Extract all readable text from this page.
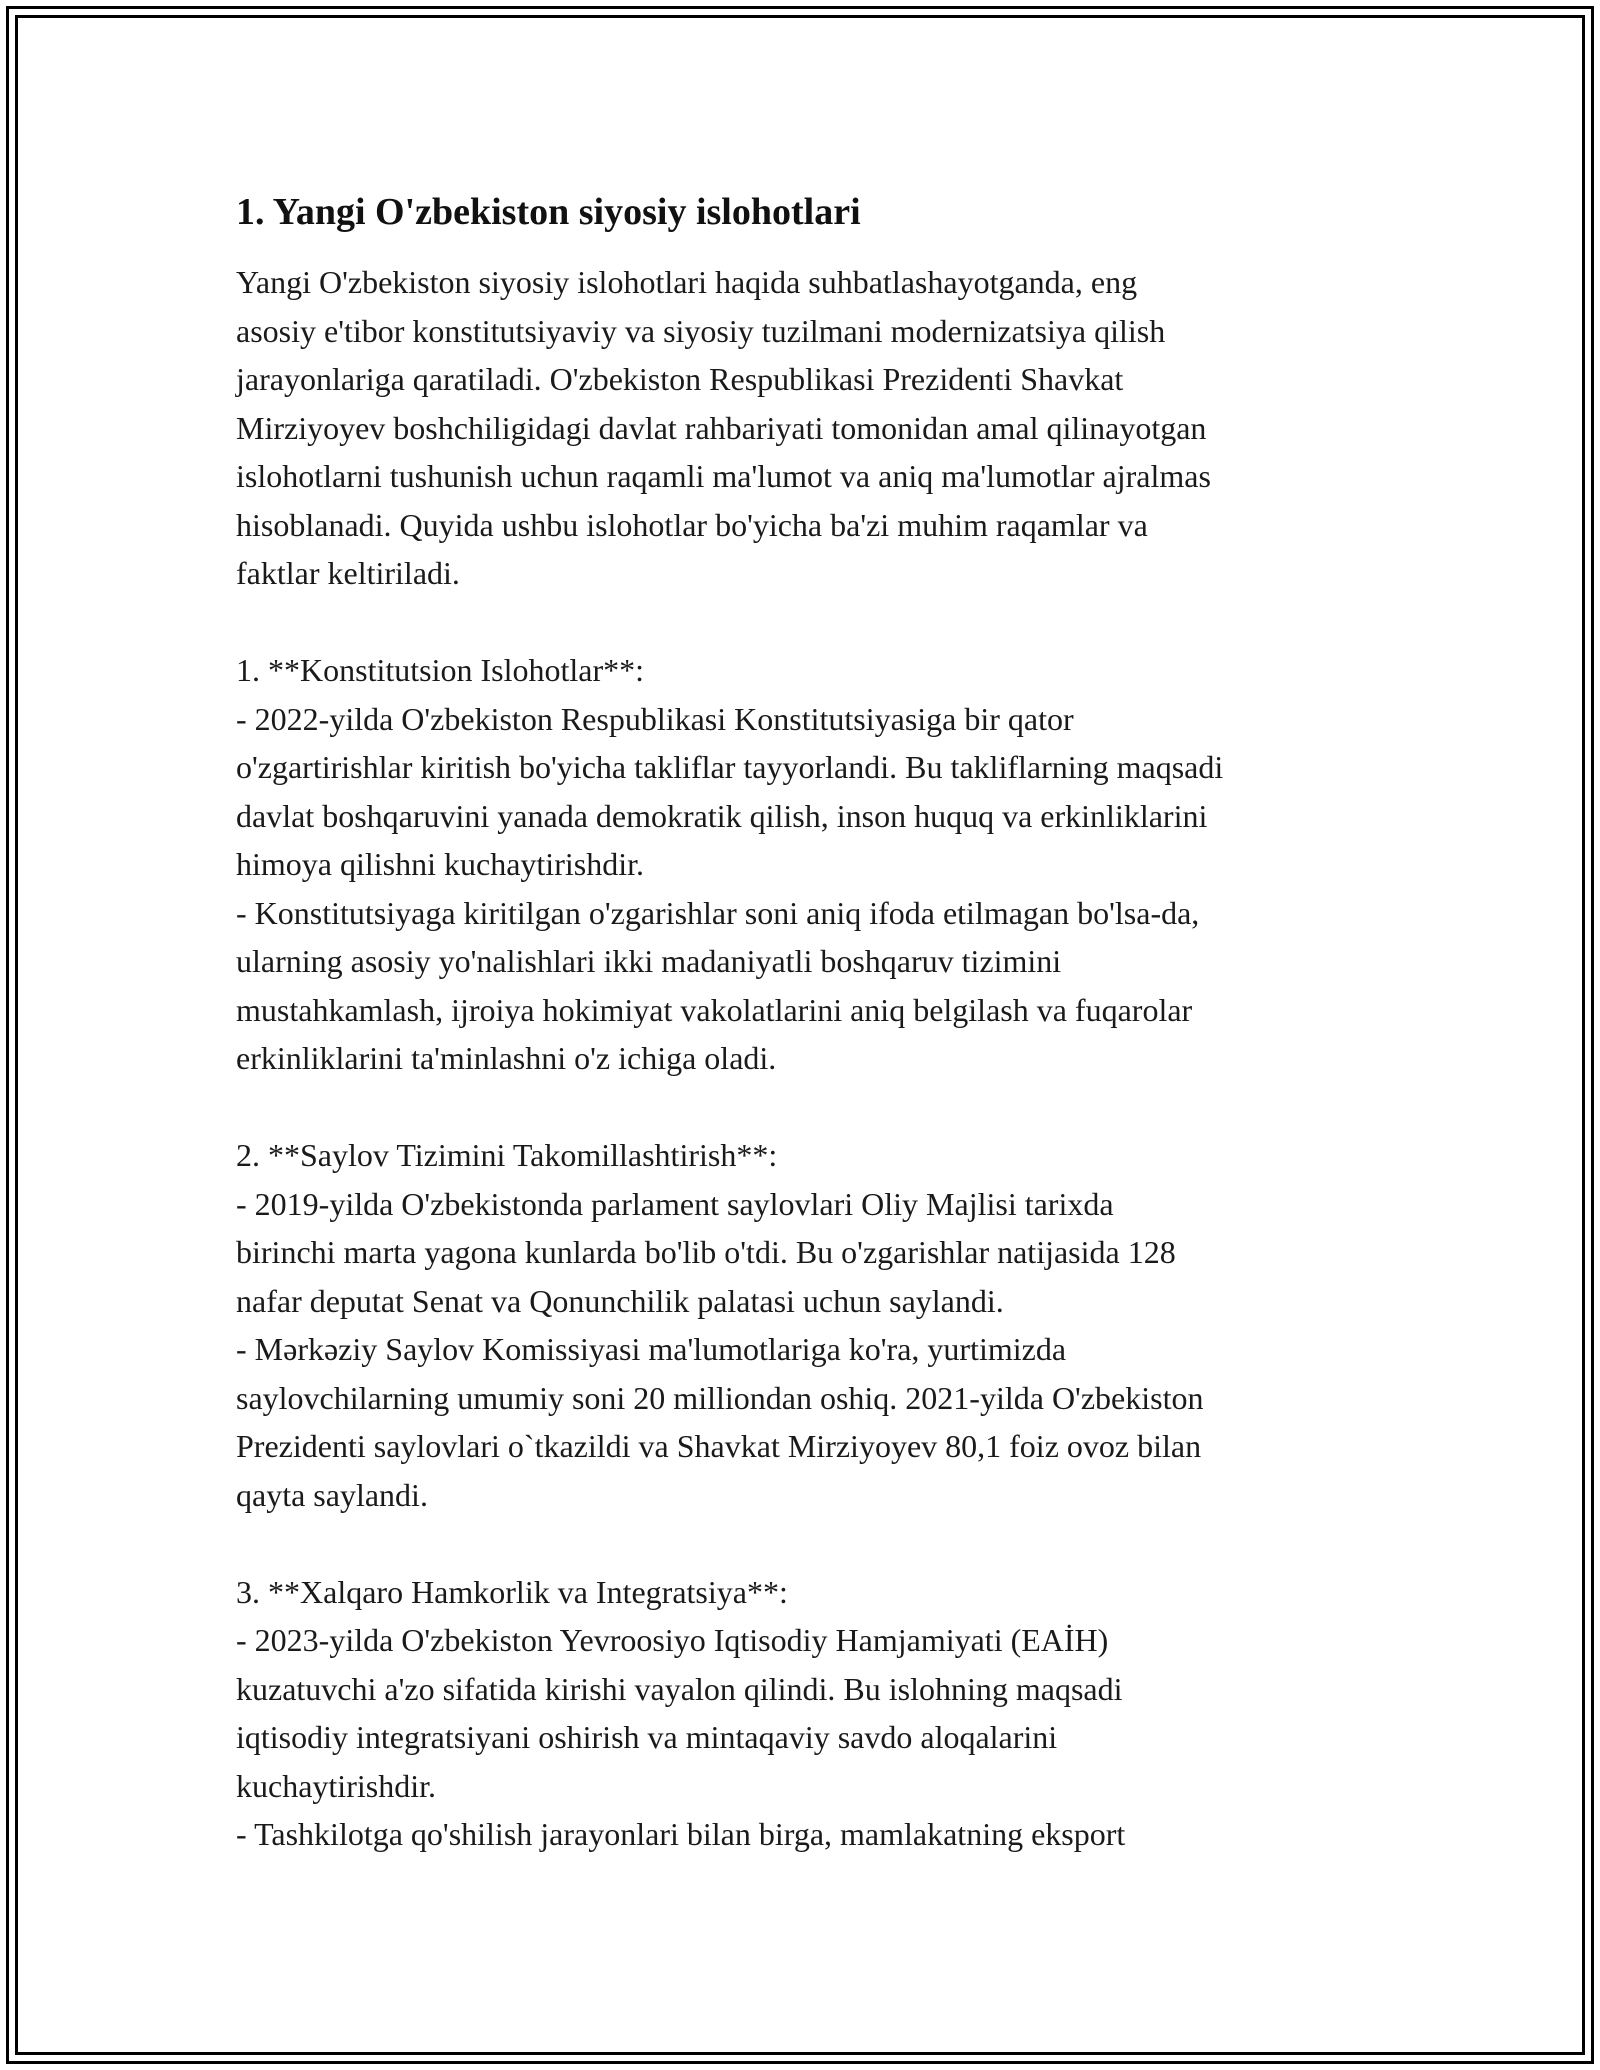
1. Yangi O'zbekiston siyosiy islohotlari

Yangi O'zbekiston siyosiy islohotlari haqida suhbatlashayotganda, eng
asosiy e'tibor konstitutsiyaviy va siyosiy tuzilmani modernizatsiya qilish
jarayonlariga qaratiladi. O'zbekiston Respublikasi Prezidenti Shavkat
Mirziyoyev boshchiligidagi davlat rahbariyati tomonidan amal qilinayotgan
islohotlarni tushunish uchun raqamli ma'lumot va aniq ma'lumotlar ajralmas
hisoblanadi. Quyida ushbu islohotlar bo'yicha ba'zi muhim raqamlar va
faktlar keltiriladi.

1. **Konstitutsion Islohotlar**:
- 2022-yilda O'zbekiston Respublikasi Konstitutsiyasiga bir qator
o'zgartirishlar kiritish bo'yicha takliflar tayyorlandi. Bu takliflarning maqsadi
davlat boshqaruvini yanada demokratik qilish, inson huquq va erkinliklarini
himoya qilishni kuchaytirishdir.
- Konstitutsiyaga kiritilgan o'zgarishlar soni aniq ifoda etilmagan bo'lsa-da,
ularning asosiy yo'nalishlari ikki madaniyatli boshqaruv tizimini
mustahkamlash, ijroiya hokimiyat vakolatlarini aniq belgilash va fuqarolar
erkinliklarini ta'minlashni o'z ichiga oladi.

2. **Saylov Tizimini Takomillashtirish**:
- 2019-yilda O'zbekistonda parlament saylovlari Oliy Majlisi tarixda
birinchi marta yagona kunlarda bo'lib o'tdi. Bu o'zgarishlar natijasida 128
nafar deputat Senat va Qonunchilik palatasi uchun saylandi.
- Mərkəziy Saylov Komissiyasi ma'lumotlariga ko'ra, yurtimizda
saylovchilarning umumiy soni 20 milliondan oshiq. 2021-yilda O'zbekiston
Prezidenti saylovlari o`tkazildi va Shavkat Mirziyoyev 80,1 foiz ovoz bilan
qayta saylandi.

3. **Xalqaro Hamkorlik va Integratsiya**:
- 2023-yilda O'zbekiston Yevroosiyo Iqtisodiy Hamjamiyati (EAİH)
kuzatuvchi a'zo sifatida kirishi vayalon qilindi. Bu islohning maqsadi
iqtisodiy integratsiyani oshirish va mintaqaviy savdo aloqalarini
kuchaytirishdir.
- Tashkilotga qo'shilish jarayonlari bilan birga, mamlakatning eksport
